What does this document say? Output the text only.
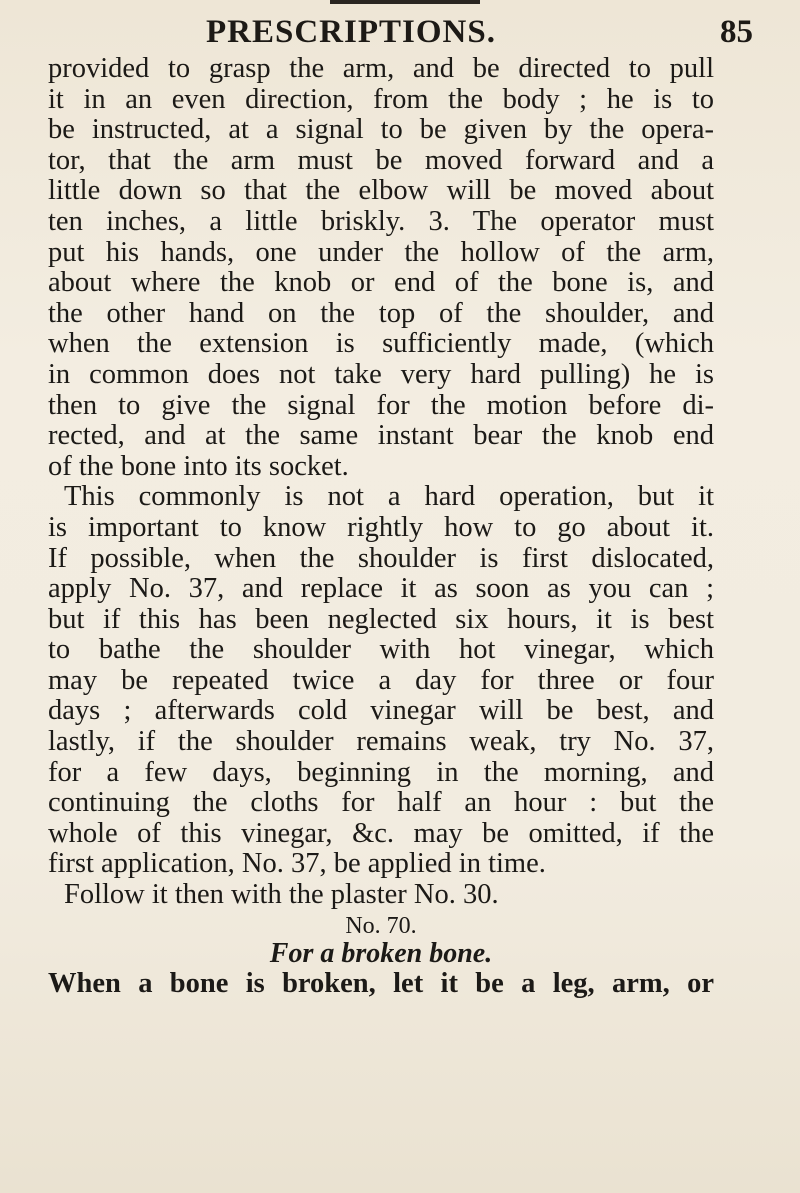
PRESCRIPTIONS.	85
provided to grasp the arm, and be directed to pull
it in an even direction, from the body ; he is to
be instructed, at a signal to be given by the opera-
tor, that the arm must be moved forward and a
little down so that the elbow will be moved about
ten inches, a little briskly. 3. The operator must
put his hands, one under the hollow of the arm,
about where the knob or end of the bone is, and
the other hand on the top of the shoulder, and
when the extension is sufficiently made, (which
in common does not take very hard pulling) he is
then to give the signal for the motion before di-
rected, and at the same instant bear the knob end
of the bone into its socket.
This commonly is not a hard operation, but it
is important to know rightly how to go about it.
If possible, when the shoulder is first dislocated,
apply No. 37, and replace it as soon as you can ;
but if this has been neglected six hours, it is best
to bathe the shoulder with hot vinegar, which
may be repeated twice a day for three or four
days ; afterwards cold vinegar will be best, and
lastly, if the shoulder remains weak, try No. 37,
for a few days, beginning in the morning, and
continuing the cloths for half an hour : but the
whole of this vinegar, &c. may be omitted, if the
first application, No. 37, be applied in time.
Follow it then with the plaster No. 30.
No. 70.
For a broken bone.
When a bone is broken, let it be a leg, arm, or
